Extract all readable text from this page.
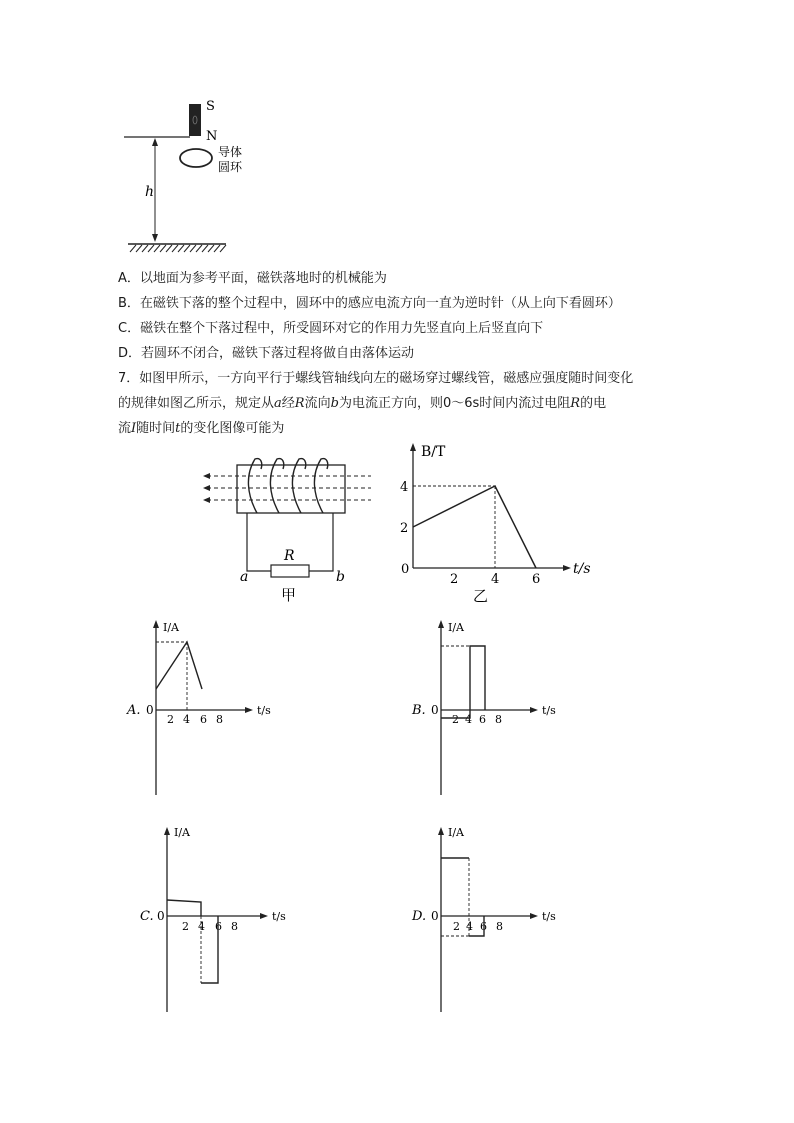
S
N
导体
圆环
h
A．以地面为参考平面，磁铁落地时的机械能为
B．在磁铁下落的整个过程中，圆环中的感应电流方向一直为逆时针（从上向下看圆环）
C．磁铁在整个下落过程中，所受圆环对它的作用力先竖直向上后竖直向下
D．若圆环不闭合，磁铁下落过程将做自由落体运动
7．如图甲所示，一方向平行于螺线管轴线向左的磁场穿过螺线管，磁感应强度随时间变化
的规律如图乙所示，规定从a经R流向b为电流正方向，则0～6s时间内流过电阻R的电
流I随时间t的变化图像可能为
R
a	b
甲
B/T
t/s
0
2	4	6
2
4
乙
I/A
t/s
A. 0
2 4 6 8
I/A
t/s
B. 0
2 4 6 8
I/A
t/s
C. 0
2 4 6 8
I/A
t/s
D. 0
2 4 6 8
